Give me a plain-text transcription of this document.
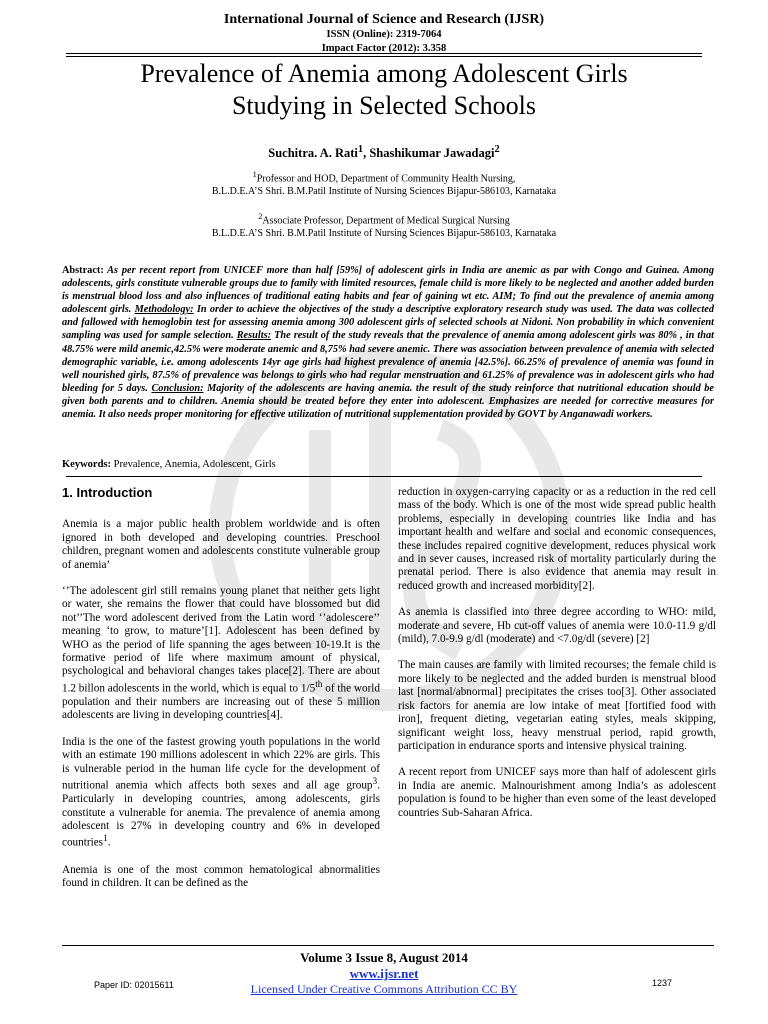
International Journal of Science and Research (IJSR)
ISSN (Online): 2319-7064
Impact Factor (2012): 3.358
Prevalence of Anemia among Adolescent Girls
Studying in Selected Schools
Suchitra. A. Rati$^1$, Shashikumar Jawadagi$^2$
$^1$Professor and HOD, Department of Community Health Nursing,
B.L.D.E.A’S Shri. B.M.Patil Institute of Nursing Sciences Bijapur-586103, Karnataka
$^2$Associate Professor, Department of Medical Surgical Nursing
B.L.D.E.A’S Shri. B.M.Patil Institute of Nursing Sciences Bijapur-586103, Karnataka
Abstract: As per recent report from UNICEF more than half [59%] of adolescent girls in India are anemic as par with Congo and Guinea. Among adolescents, girls constitute vulnerable groups due to family with limited resources, female child is more likely to be neglected and another added burden is menstrual blood loss and also influences of traditional eating habits and fear of gaining wt etc. AIM; To find out the prevalence of anemia among adolescent girls. Methodology: In order to achieve the objectives of the study a descriptive exploratory research study was used. The data was collected and fallowed with hemoglobin test for assessing anemia among 300 adolescent girls of selected schools at Nidoni. Non probability in which convenient sampling was used for sample selection. Results: The result of the study reveals that the prevalence of anemia among adolescent girls was 80% , in that 48.75% were mild anemic,42.5% were moderate anemic and 8,75% had severe anemic. There was association between prevalence of anemia with selected demographic variable, i.e. among adolescents 14yr age girls had highest prevalence of anemia [42.5%]. 66.25% of prevalence of anemia was found in well nourished girls, 87.5% of prevalence was belongs to girls who had regular menstruation and 61.25% of prevalence was in adolescent girls who had bleeding for 5 days. Conclusion: Majority of the adolescents are having anemia. the result of the study reinforce that nutritional education should be given both parents and to children. Anemia should be treated before they enter into adolescent. Emphasizes are needed for corrective measures for anemia. It also needs proper monitoring for effective utilization of nutritional supplementation provided by GOVT by Anganawadi workers.
Keywords: Prevalence, Anemia, Adolescent, Girls
1. Introduction

Anemia is a major public health problem worldwide and is often ignored in both developed and developing countries. Preschool children, pregnant women and adolescents constitute vulnerable group of anemia’

‘’The adolescent girl still remains young planet that neither gets light or water, she remains the flower that could have blossomed but did not’’The word adolescent derived from the Latin word ‘’adolescere’’ meaning ‘to grow, to mature’[1]. Adolescent has been defined by WHO as the period of life spanning the ages between 10-19.It is the formative period of life where maximum amount of physical, psychological and behavioral changes takes place[2]. There are about 1.2 billon adolescents in the world, which is equal to 1/5th of the world population and their numbers are increasing out of these 5 million adolescents are living in developing countries[4].

India is the one of the fastest growing youth populations in the world with an estimate 190 millions adolescent in which 22% are girls. This is vulnerable period in the human life cycle for the development of nutritional anemia which affects both sexes and all age group$^3$. Particularly in developing countries, among adolescents, girls constitute a vulnerable for anemia. The prevalence of anemia among adolescent is 27% in developing country and 6% in developed countries$^1$.

Anemia is one of the most common hematological abnormalities found in children. It can be defined as the

reduction in oxygen-carrying capacity or as a reduction in the red cell mass of the body. Which is one of the most wide spread public health problems, especially in developing countries like India and has important health and welfare and social and economic consequences, these includes repaired cognitive development, reduces physical work and in sever causes, increased risk of mortality particularly during the prenatal period. There is also evidence that anemia may result in reduced growth and increased morbidity[2].

As anemia is classified into three degree according to WHO: mild, moderate and severe, Hb cut-off values of anemia were 10.0-11.9 g/dl (mild), 7.0-9.9 g/dl (moderate) and <7.0g/dl (severe) [2]

The main causes are family with limited recourses; the female child is more likely to be neglected and the added burden is menstrual blood last [normal/abnormal] precipitates the crises too[3]. Other associated risk factors for anemia are low intake of meat [fortified food with iron], frequent dieting, vegetarian eating styles, meals skipping, significant weight loss, heavy menstrual period, rapid growth, participation in endurance sports and intensive physical training.

A recent report from UNICEF says more than half of adolescent girls in India are anemic. Malnourishment among India’s as adolescent population is found to be higher than even some of the least developed countries Sub-Saharan Africa.

Volume 3 Issue 8, August 2014
www.ijsr.net
Licensed Under Creative Commons Attribution CC BY
Paper ID: 02015611	1237
